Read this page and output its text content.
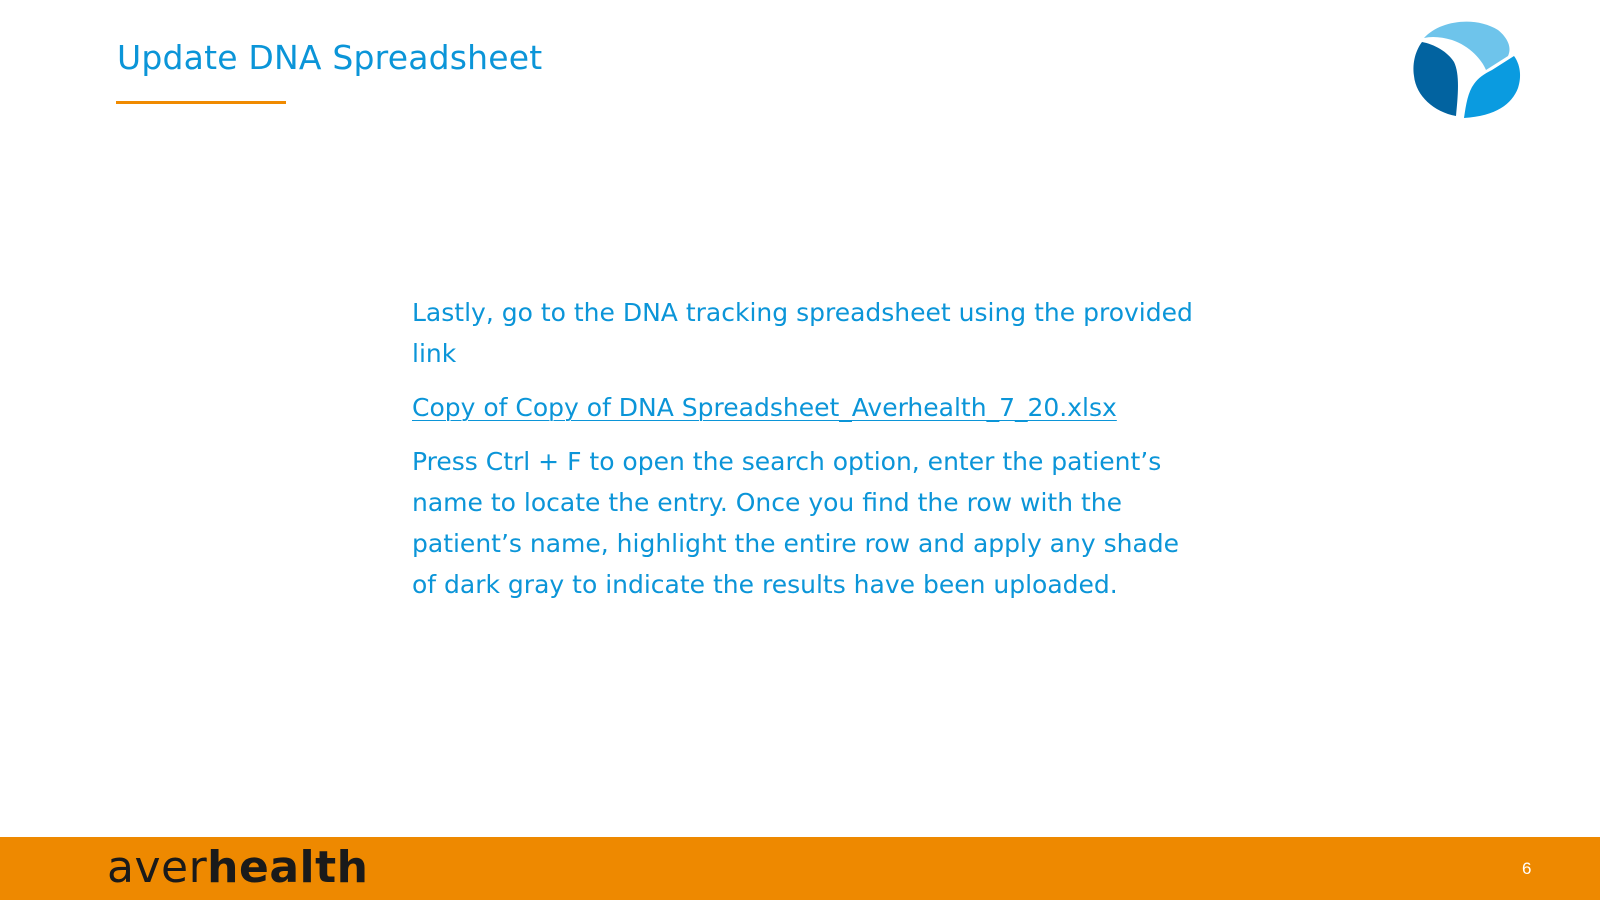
Update DNA Spreadsheet

Lastly, go to the DNA tracking spreadsheet using the provided link

Copy of Copy of DNA Spreadsheet_Averhealth_7_20.xlsx

Press Ctrl + F to open the search option, enter the patient’s name to locate the entry. Once you find the row with the patient’s name, highlight the entire row and apply any shade of dark gray to indicate the results have been uploaded.

averhealth	6
